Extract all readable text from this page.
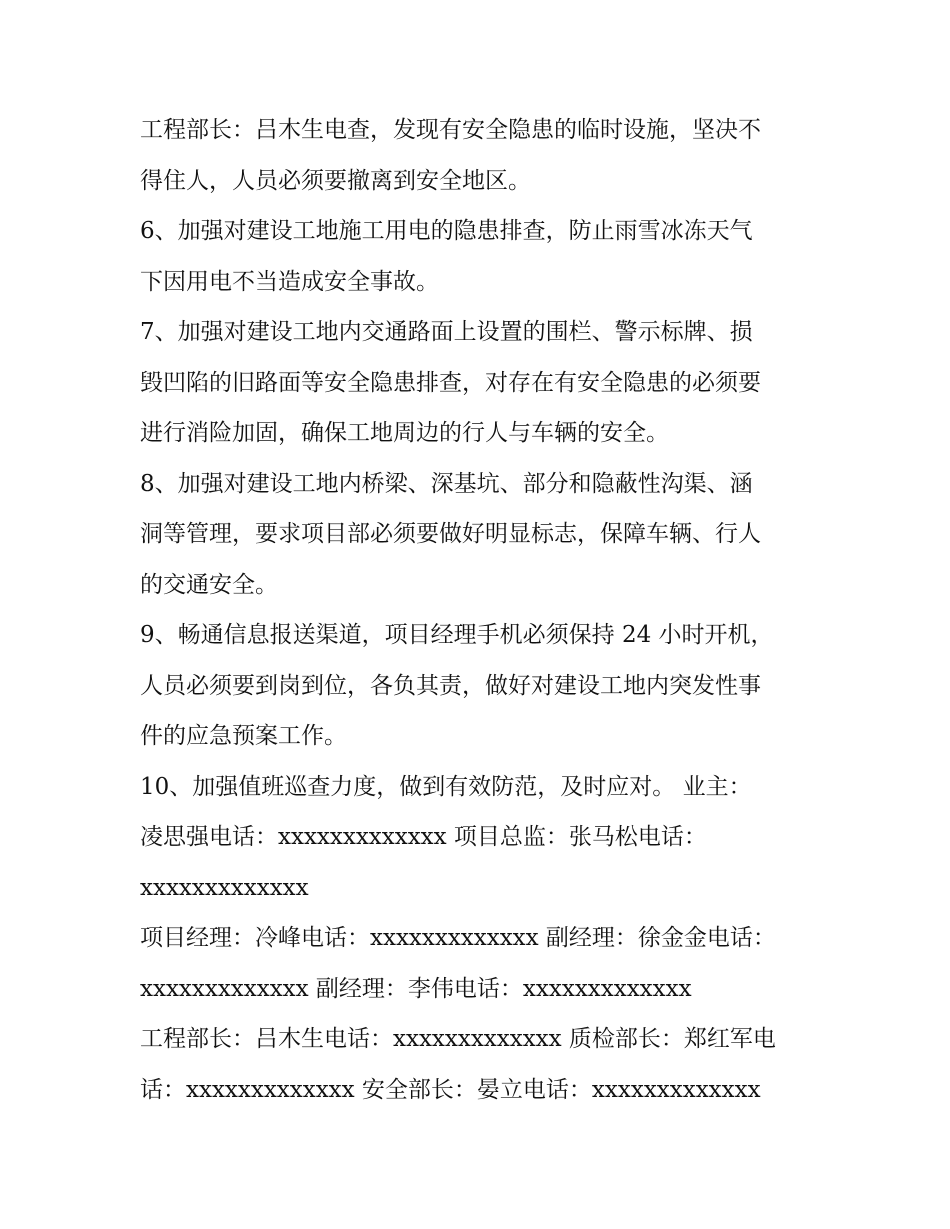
工程部长：吕木生电查，发现有安全隐患的临时设施，坚决不
得住人，人员必须要撤离到安全地区。
6、加强对建设工地施工用电的隐患排查，防止雨雪冰冻天气
下因用电不当造成安全事故。
7、加强对建设工地内交通路面上设置的围栏、警示标牌、损
毁凹陷的旧路面等安全隐患排查，对存在有安全隐患的必须要
进行消险加固，确保工地周边的行人与车辆的安全。
8、加强对建设工地内桥梁、深基坑、部分和隐蔽性沟渠、涵
洞等管理，要求项目部必须要做好明显标志，保障车辆、行人
的交通安全。
9、畅通信息报送渠道，项目经理手机必须保持 24 小时开机，
人员必须要到岗到位，各负其责，做好对建设工地内突发性事
件的应急预案工作。
10、加强值班巡查力度，做到有效防范，及时应对。 业主：
凌思强电话：xxxxxxxxxxxxx 项目总监：张马松电话：
xxxxxxxxxxxxx
项目经理：冷峰电话：xxxxxxxxxxxxx 副经理：徐金金电话：
xxxxxxxxxxxxx 副经理：李伟电话：xxxxxxxxxxxxx
工程部长：吕木生电话：xxxxxxxxxxxxx 质检部长：郑红军电
话：xxxxxxxxxxxxx 安全部长：晏立电话：xxxxxxxxxxxxx
